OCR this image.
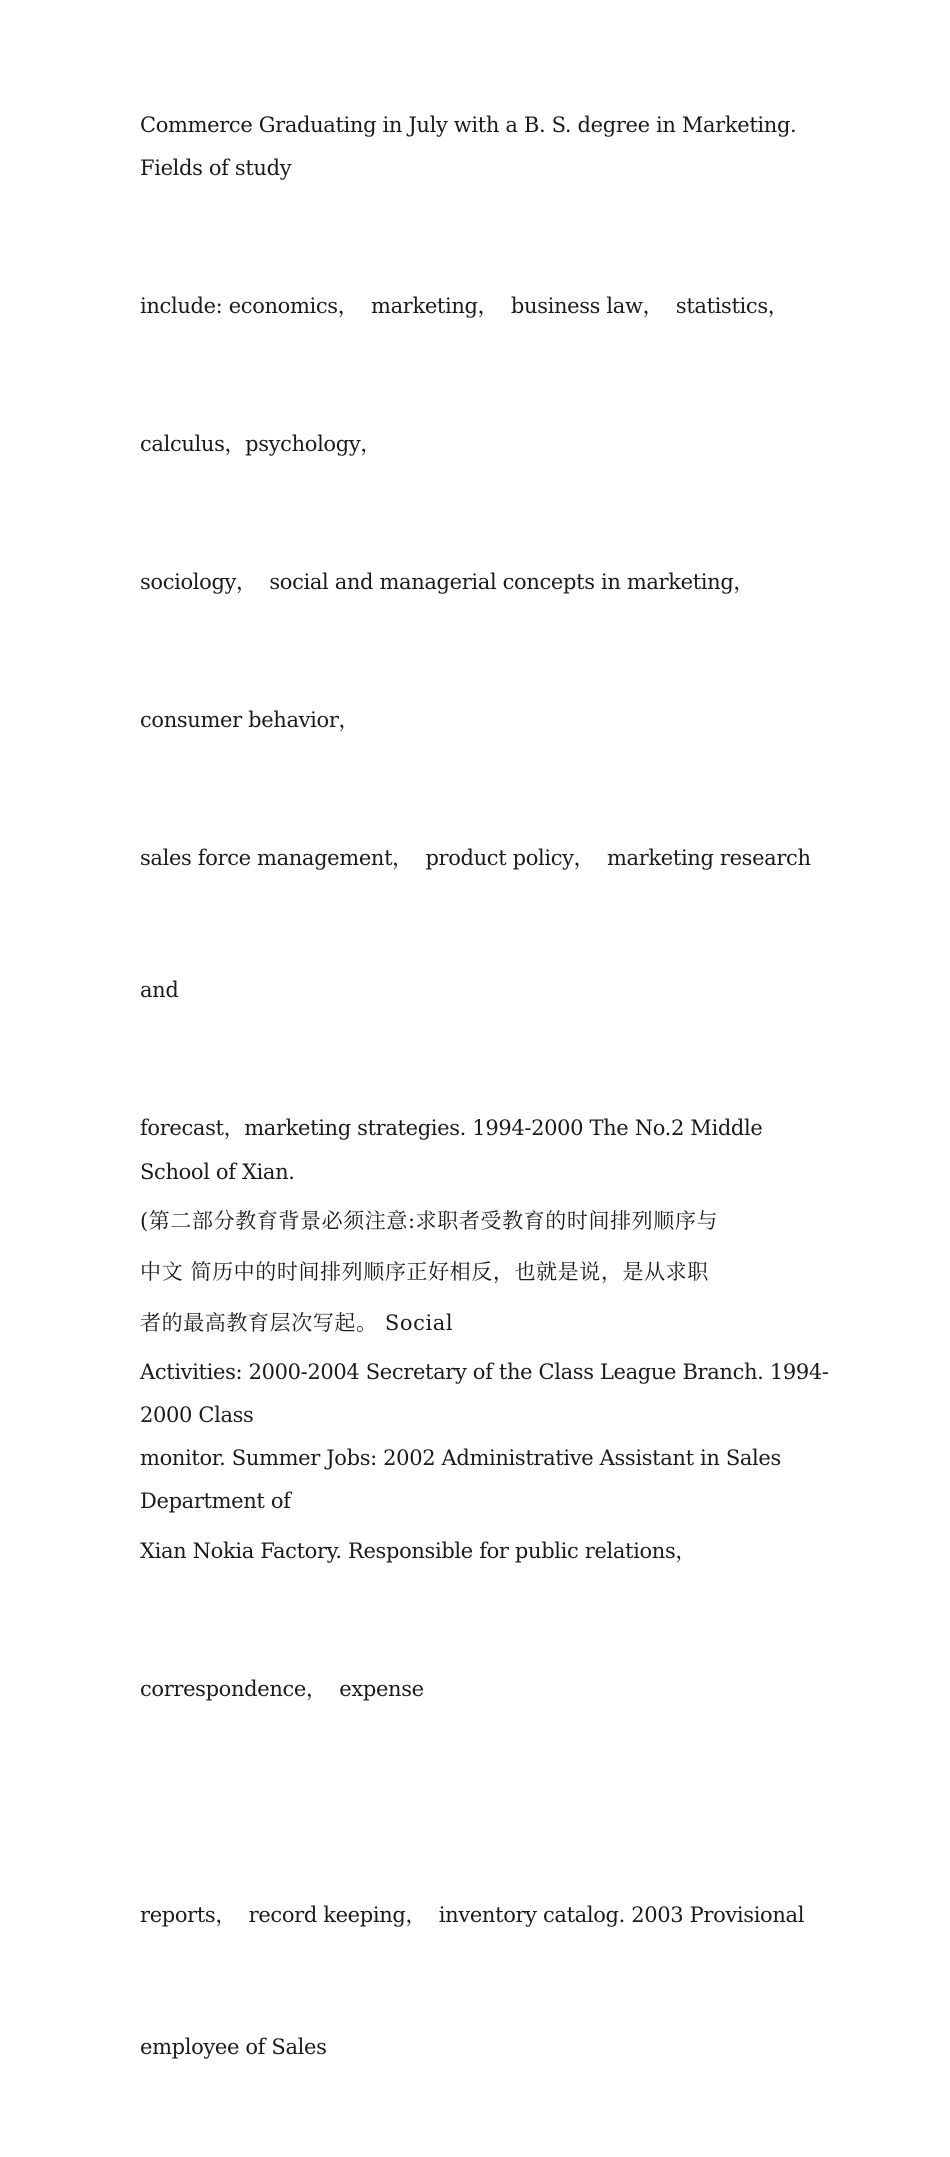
Commerce Graduating in July with a B. S. degree in Marketing.
Fields of study

include: economics，  marketing，  business law，  statistics，

calculus，psychology，

sociology，  social and managerial concepts in marketing，

consumer behavior，

sales force management，  product policy，  marketing research

and

forecast，marketing strategies. 1994-2000 The No.2 Middle
School of Xian.

(第二部分教育背景必须注意:求职者受教育的时间排列顺序与
中文 简历中的时间排列顺序正好相反，也就是说，是从求职
者的最高教育层次写起。 Social

Activities: 2000-2004 Secretary of the Class League Branch. 1994-
2000 Class

monitor. Summer Jobs: 2002 Administrative Assistant in Sales
Department of

Xian Nokia Factory. Responsible for public relations，

correspondence，  expense

reports，  record keeping，  inventory catalog. 2003 Provisional

employee of Sales
